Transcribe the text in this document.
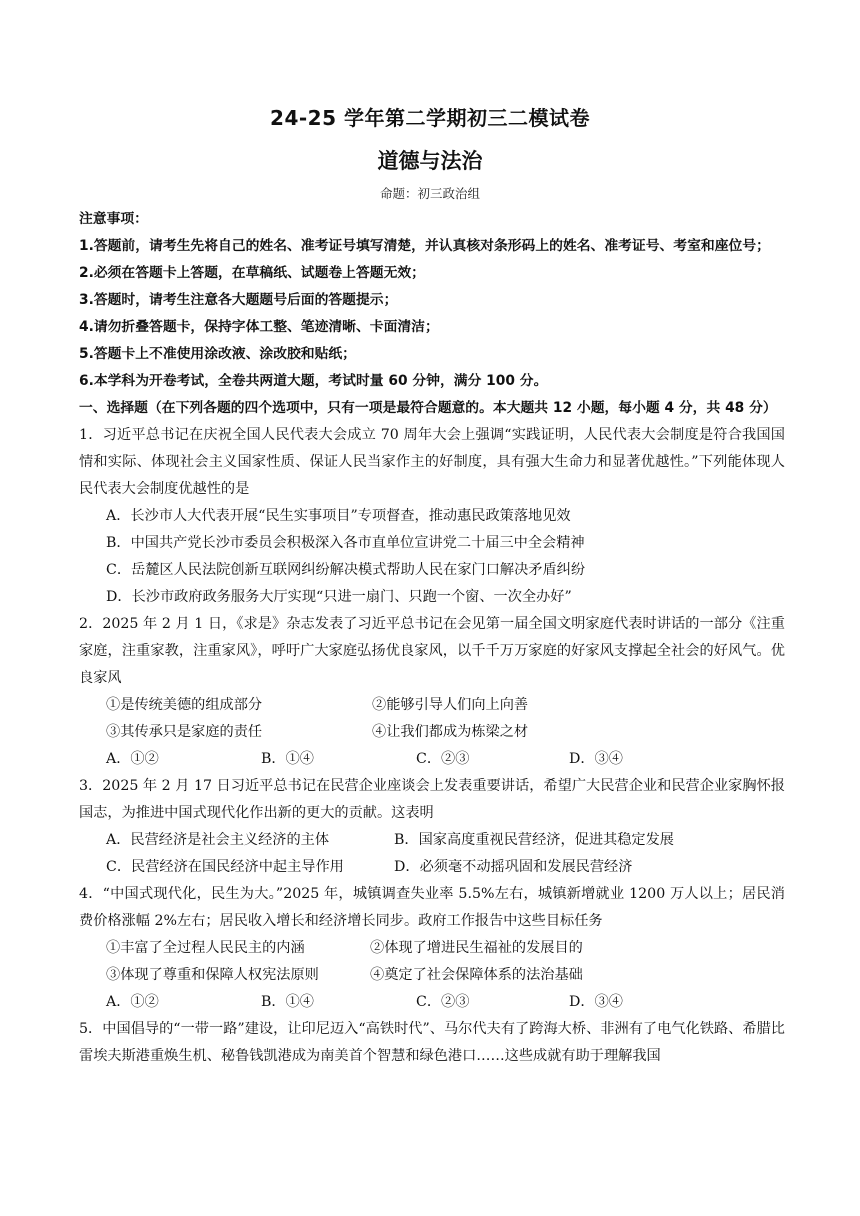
24-25 学年第二学期初三二模试卷
道德与法治
命题：初三政治组
注意事项：
1.答题前，请考生先将自己的姓名、准考证号填写清楚，并认真核对条形码上的姓名、准考证号、考室和座位号；
2.必须在答题卡上答题，在草稿纸、试题卷上答题无效；
3.答题时，请考生注意各大题题号后面的答题提示；
4.请勿折叠答题卡，保持字体工整、笔迹清晰、卡面清洁；
5.答题卡上不准使用涂改液、涂改胶和贴纸；
6.本学科为开卷考试，全卷共两道大题，考试时量 60 分钟，满分 100 分。
一、选择题（在下列各题的四个选项中，只有一项是最符合题意的。本大题共 12 小题，每小题 4 分，共 48 分）
1．习近平总书记在庆祝全国人民代表大会成立 70 周年大会上强调“实践证明，人民代表大会制度是符合我国国情和实际、体现社会主义国家性质、保证人民当家作主的好制度，具有强大生命力和显著优越性。”下列能体现人民代表大会制度优越性的是
A．长沙市人大代表开展“民生实事项目”专项督查，推动惠民政策落地见效
B．中国共产党长沙市委员会积极深入各市直单位宣讲党二十届三中全会精神
C．岳麓区人民法院创新互联网纠纷解决模式帮助人民在家门口解决矛盾纠纷
D．长沙市政府政务服务大厅实现“只进一扇门、只跑一个窗、一次全办好”
2．2025 年 2 月 1 日，《求是》杂志发表了习近平总书记在会见第一届全国文明家庭代表时讲话的一部分《注重家庭，注重家教，注重家风》，呼吁广大家庭弘扬优良家风，以千千万万家庭的好家风支撑起全社会的好风气。优良家风
①是传统美德的组成部分	②能够引导人们向上向善
③其传承只是家庭的责任	④让我们都成为栋梁之材
A．①②	B．①④	C．②③	D．③④
3．2025 年 2 月 17 日习近平总书记在民营企业座谈会上发表重要讲话，希望广大民营企业和民营企业家胸怀报国志，为推进中国式现代化作出新的更大的贡献。这表明
A．民营经济是社会主义经济的主体	B．国家高度重视民营经济，促进其稳定发展
C．民营经济在国民经济中起主导作用	D．必须毫不动摇巩固和发展民营经济
4．“中国式现代化，民生为大。”2025 年，城镇调查失业率 5.5%左右，城镇新增就业 1200 万人以上；居民消费价格涨幅 2%左右；居民收入增长和经济增长同步。政府工作报告中这些目标任务
①丰富了全过程人民民主的内涵	②体现了增进民生福祉的发展目的
③体现了尊重和保障人权宪法原则	④奠定了社会保障体系的法治基础
A．①②	B．①④	C．②③	D．③④
5．中国倡导的“一带一路”建设，让印尼迈入“高铁时代”、马尔代夫有了跨海大桥、非洲有了电气化铁路、希腊比雷埃夫斯港重焕生机、秘鲁钱凯港成为南美首个智慧和绿色港口……这些成就有助于理解我国
